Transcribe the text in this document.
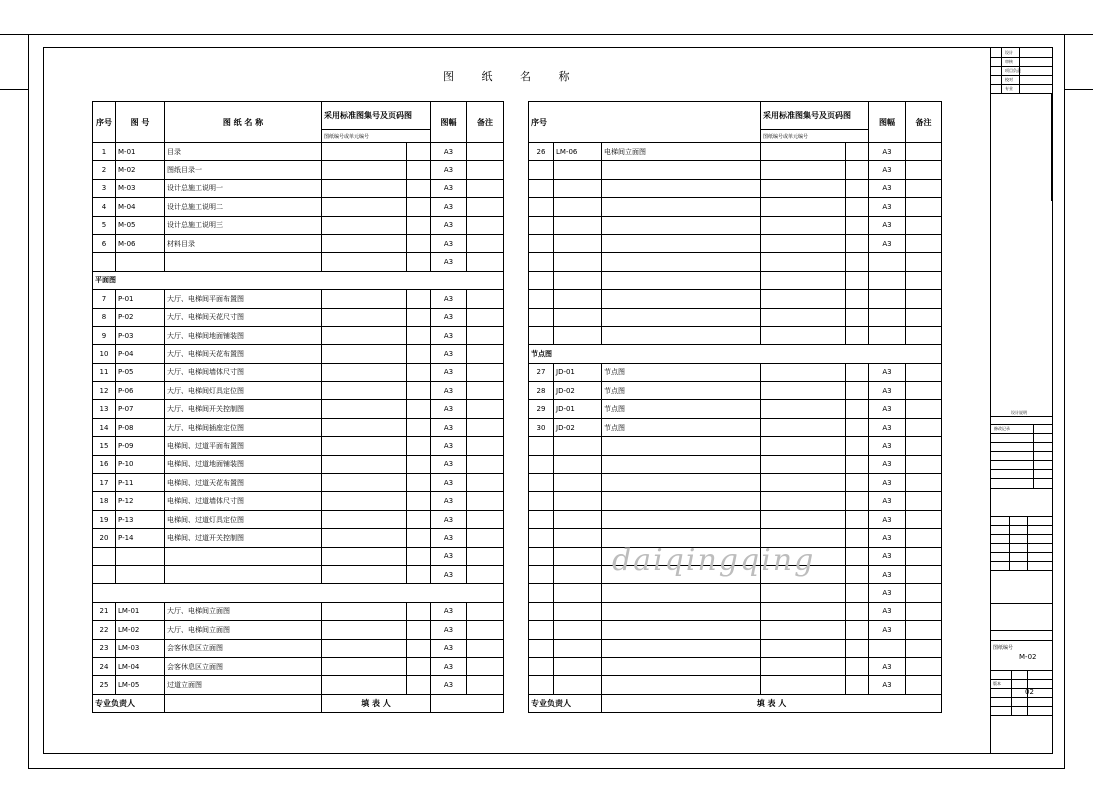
图 纸 名 称
序号	图 号	图 纸 名 称	采用标准图集号及页码图		图幅	备注
			图纸编号或单元编号			
1	M-01	目录			A3	
2	M-02	图纸目录一			A3	
3	M-03	设计总施工说明一			A3	
4	M-04	设计总施工说明二			A3	
5	M-05	设计总施工说明三			A3	
6	M-06	材料目录			A3	
					A3	
平面图						
7	P-01	大厅、电梯间平面布置图			A3	
8	P-02	大厅、电梯间天花尺寸图			A3	
9	P-03	大厅、电梯间地面铺装图			A3	
10	P-04	大厅、电梯间天花布置图			A3	
11	P-05	大厅、电梯间墙体尺寸图			A3	
12	P-06	大厅、电梯间灯具定位图			A3	
13	P-07	大厅、电梯间开关控制图			A3	
14	P-08	大厅、电梯间插座定位图			A3	
15	P-09	电梯间、过道平面布置图			A3	
16	P-10	电梯间、过道地面铺装图			A3	
17	P-11	电梯间、过道天花布置图			A3	
18	P-12	电梯间、过道墙体尺寸图			A3	
19	P-13	电梯间、过道灯具定位图			A3	
20	P-14	电梯间、过道开关控制图			A3	
					A3	
					A3	

21	LM-01	大厅、电梯间立面图			A3	
22	LM-02	大厅、电梯间立面图			A3	
23	LM-03	会客休息区立面图			A3	
24	LM-04	会客休息区立面图			A3	
25	LM-05	过道立面图			A3	
专业负责人			填 表 人			
序号			采用标准图集号及页码图		图幅	备注
			图纸编号或单元编号			
26	LM-06	电梯间立面图			A3	
					A3	
					A3	
					A3	
					A3	
					A3	

节点图						
27	JD-01	节点图			A3	
28	JD-02	节点图			A3	
29	JD-01	节点图			A3	
30	JD-02	节点图			A3	
					A3	
					A3	
					A3	
					A3	
					A3	
					A3	
					A3	
					A3	
					A3	
					A3	
					A3	

					A3	
					A3	
专业负责人		填 表 人				
daiqingqing
设计
审核
项目负责
校对
专业
设计说明
修改记录
图纸编号
M-02
版本
02
